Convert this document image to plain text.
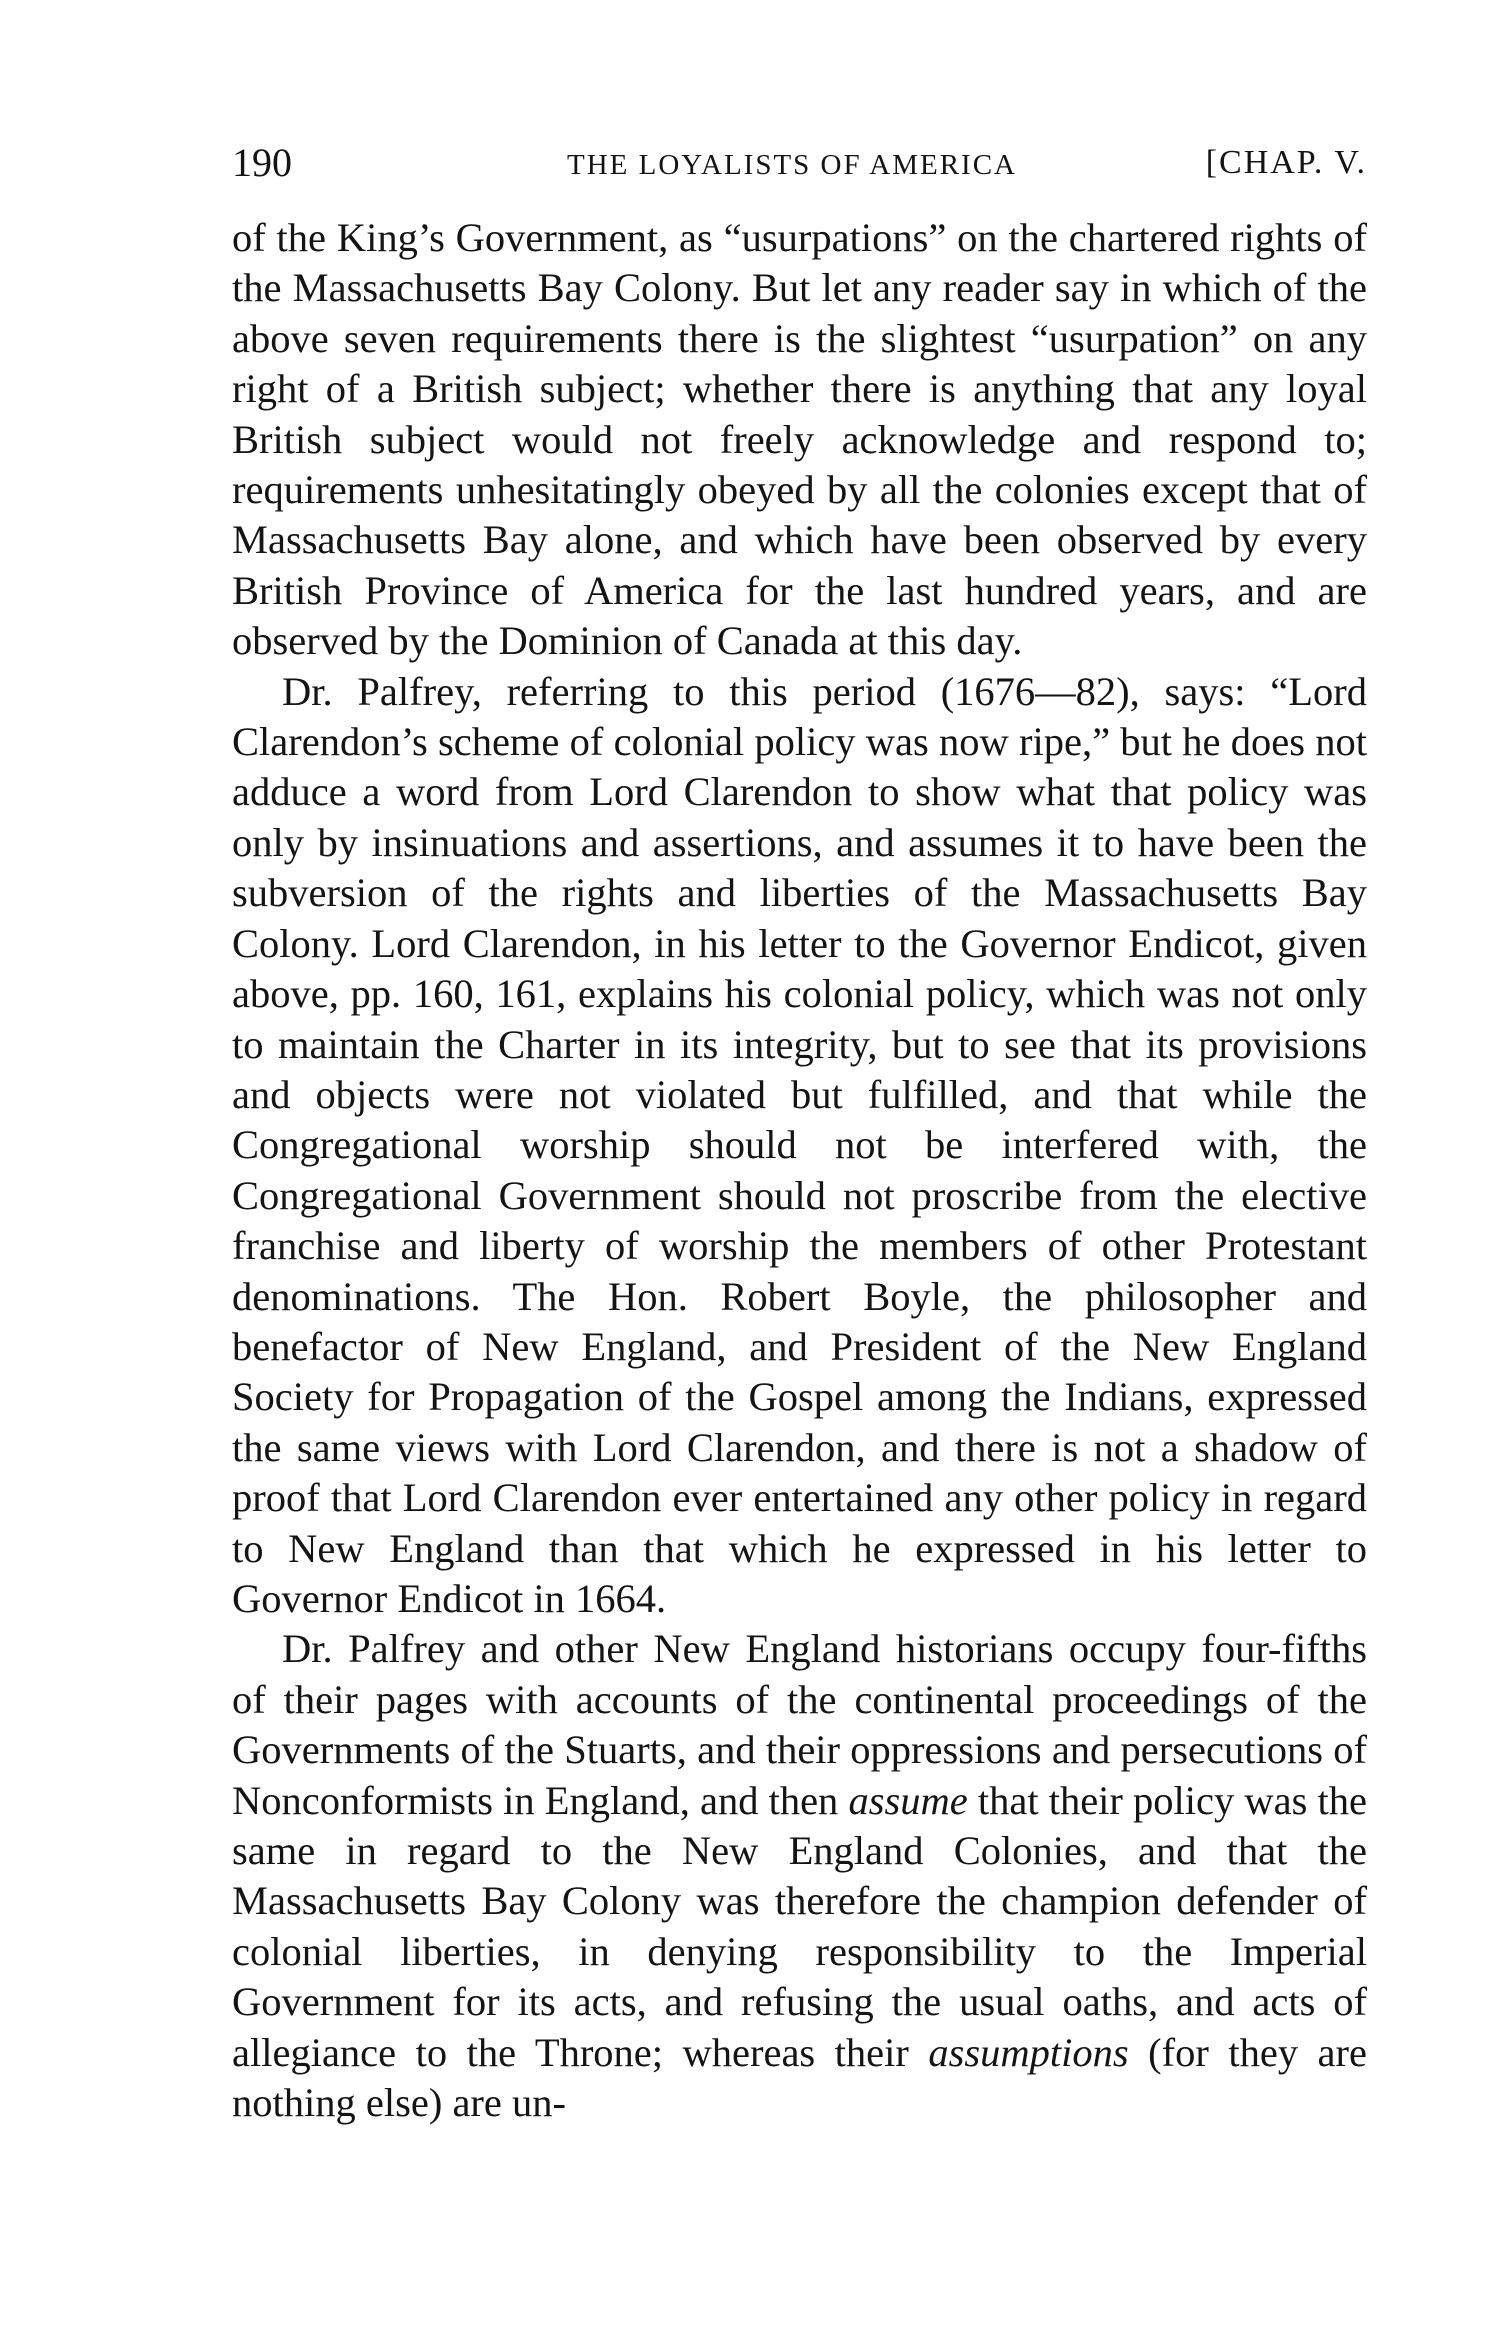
190	THE LOYALISTS OF AMERICA	[CHAP. V.

of the King’s Government, as “usurpations” on the chartered rights of the Massachusetts Bay Colony. But let any reader say in which of the above seven requirements there is the slightest “usurpation” on any right of a British subject; whether there is anything that any loyal British subject would not freely acknowledge and respond to; requirements unhesitatingly obeyed by all the colonies except that of Massachusetts Bay alone, and which have been observed by every British Province of America for the last hundred years, and are observed by the Dominion of Canada at this day.

Dr. Palfrey, referring to this period (1676—82), says: “Lord Clarendon’s scheme of colonial policy was now ripe,” but he does not adduce a word from Lord Clarendon to show what that policy was only by insinuations and assertions, and assumes it to have been the subversion of the rights and liberties of the Massachusetts Bay Colony. Lord Clarendon, in his letter to the Governor Endicot, given above, pp. 160, 161, explains his colonial policy, which was not only to maintain the Charter in its integrity, but to see that its provisions and objects were not violated but fulfilled, and that while the Congregational worship should not be interfered with, the Congregational Government should not proscribe from the elective franchise and liberty of worship the members of other Protestant denominations. The Hon. Robert Boyle, the philosopher and benefactor of New England, and President of the New England Society for Propagation of the Gospel among the Indians, expressed the same views with Lord Clarendon, and there is not a shadow of proof that Lord Clarendon ever entertained any other policy in regard to New England than that which he expressed in his letter to Governor Endicot in 1664.

Dr. Palfrey and other New England historians occupy four-fifths of their pages with accounts of the continental proceedings of the Governments of the Stuarts, and their oppressions and persecutions of Nonconformists in England, and then assume that their policy was the same in regard to the New England Colonies, and that the Massachusetts Bay Colony was therefore the champion defender of colonial liberties, in denying responsibility to the Imperial Government for its acts, and refusing the usual oaths, and acts of allegiance to the Throne; whereas their assumptions (for they are nothing else) are un-
